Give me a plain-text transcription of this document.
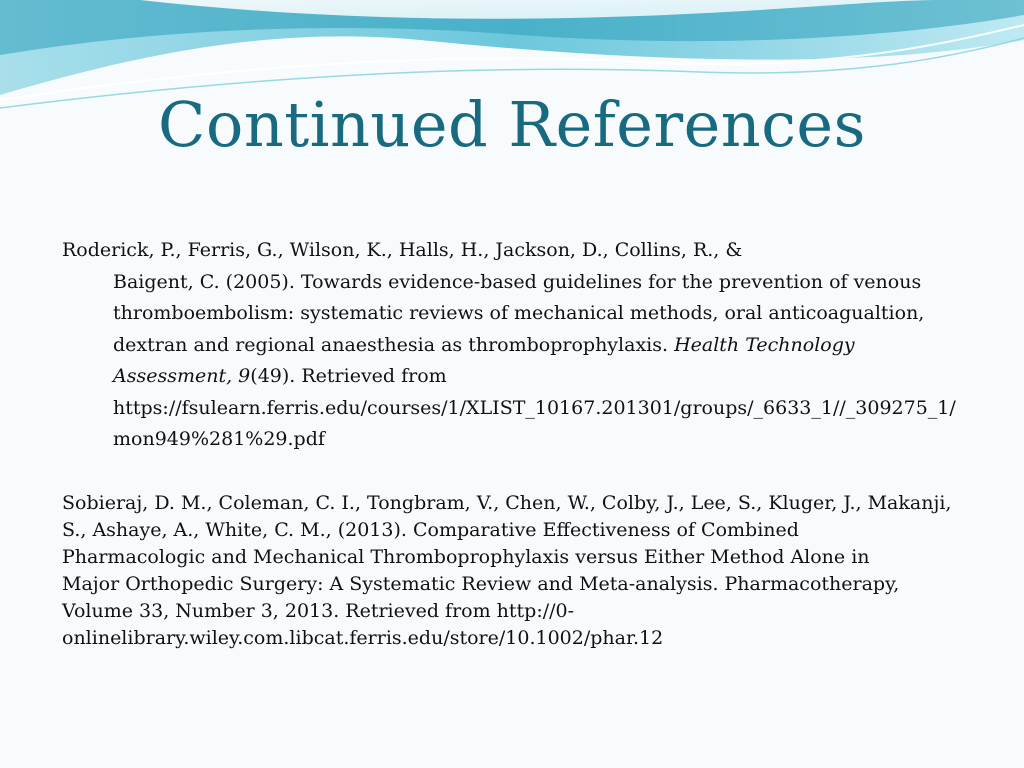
Continued References
Roderick, P., Ferris, G., Wilson, K., Halls, H., Jackson, D., Collins, R., &
Baigent, C. (2005). Towards evidence-based guidelines for the prevention of venous
thromboembolism: systematic reviews of mechanical methods, oral anticoagualtion,
dextran and regional anaesthesia as thromboprophylaxis. Health Technology
Assessment, 9(49). Retrieved from
https://fsulearn.ferris.edu/courses/1/XLIST_10167.201301/groups/_6633_1//_309275_1/
mon949%281%29.pdf
Sobieraj, D. M., Coleman, C. I., Tongbram, V., Chen, W., Colby, J., Lee, S., Kluger, J., Makanji,
S., Ashaye, A., White, C. M., (2013). Comparative Effectiveness of Combined
Pharmacologic and Mechanical Thromboprophylaxis versus Either Method Alone in
Major Orthopedic Surgery: A Systematic Review and Meta-analysis. Pharmacotherapy,
Volume 33, Number 3, 2013. Retrieved from http://0-
onlinelibrary.wiley.com.libcat.ferris.edu/store/10.1002/phar.12
